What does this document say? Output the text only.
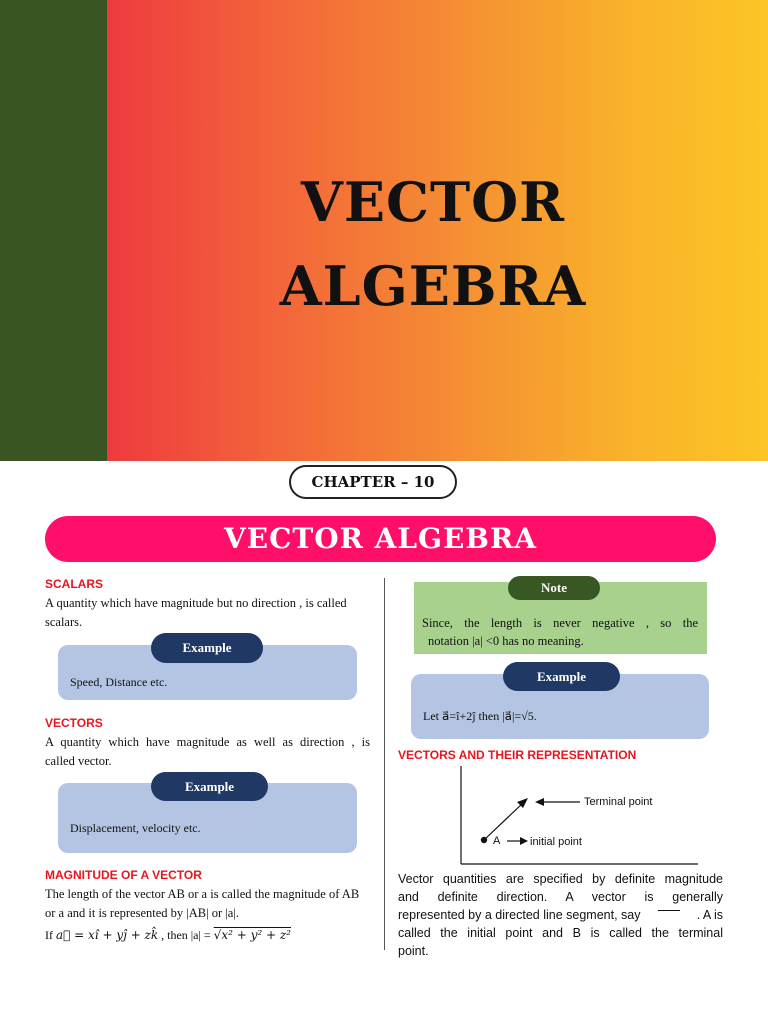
VECTOR
ALGEBRA
CHAPTER – 10
VECTOR ALGEBRA
SCALARS
A quantity which have magnitude but no direction , is called
scalars.
Example
Speed, Distance etc.
VECTORS
A quantity which have magnitude as well as direction , is
called vector.
Example
Displacement, velocity etc.
MAGNITUDE OF A VECTOR
The length of the vector AB or a is called the magnitude of AB
or a and it is represented by |AB| or |a|.
If a⃗ = xî + yĵ + zk̂ , then |a| = √x² + y² + z²
Note
Since, the length is never negative , so the
notation |a| <0 has no meaning.
Example
Let a⃗=î+2ĵ then |a⃗|=√5.
VECTORS AND THEIR REPRESENTATION
Terminal point
A	initial point
Vector quantities are specified by definite magnitude
and definite direction. A vector is generally
represented by a directed line segment, say	. A is
called the initial point and B is called the terminal
point.
